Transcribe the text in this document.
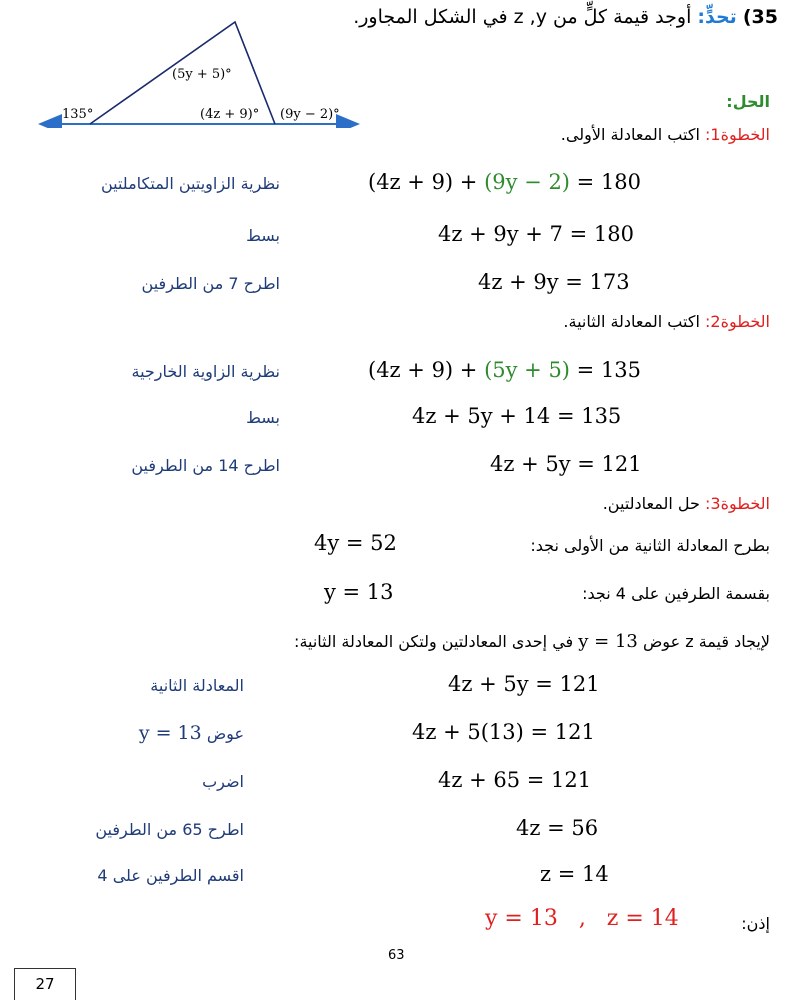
35) تحدٍّ: أوجد قيمة كلٍّ من z ,y في الشكل المجاور.
(5y + 5)°
135°	(4z + 9)° (9y − 2)°
الحل:
الخطوة1: اكتب المعادلة الأولى.
(4z + 9) + (9y − 2) = 180
نظرية الزاويتين المتكاملتين
4z + 9y + 7 = 180
بسط
4z + 9y = 173
اطرح 7 من الطرفين
الخطوة2: اكتب المعادلة الثانية.
(4z + 9) + (5y + 5) = 135
نظرية الزاوية الخارجية
4z + 5y + 14 = 135
بسط
4z + 5y = 121
اطرح 14 من الطرفين
الخطوة3: حل المعادلتين.
بطرح المعادلة الثانية من الأولى نجد:
4y = 52
بقسمة الطرفين على 4 نجد:
y = 13
لإيجاد قيمة z عوض y = 13 في إحدى المعادلتين ولتكن المعادلة الثانية:
4z + 5y = 121
المعادلة الثانية
4z + 5(13) = 121
عوض y = 13
4z + 65 = 121
اضرب
4z = 56
اطرح 65 من الطرفين
z = 14
اقسم الطرفين على 4
إذن:
y = 13   ,   z = 14
63
27
